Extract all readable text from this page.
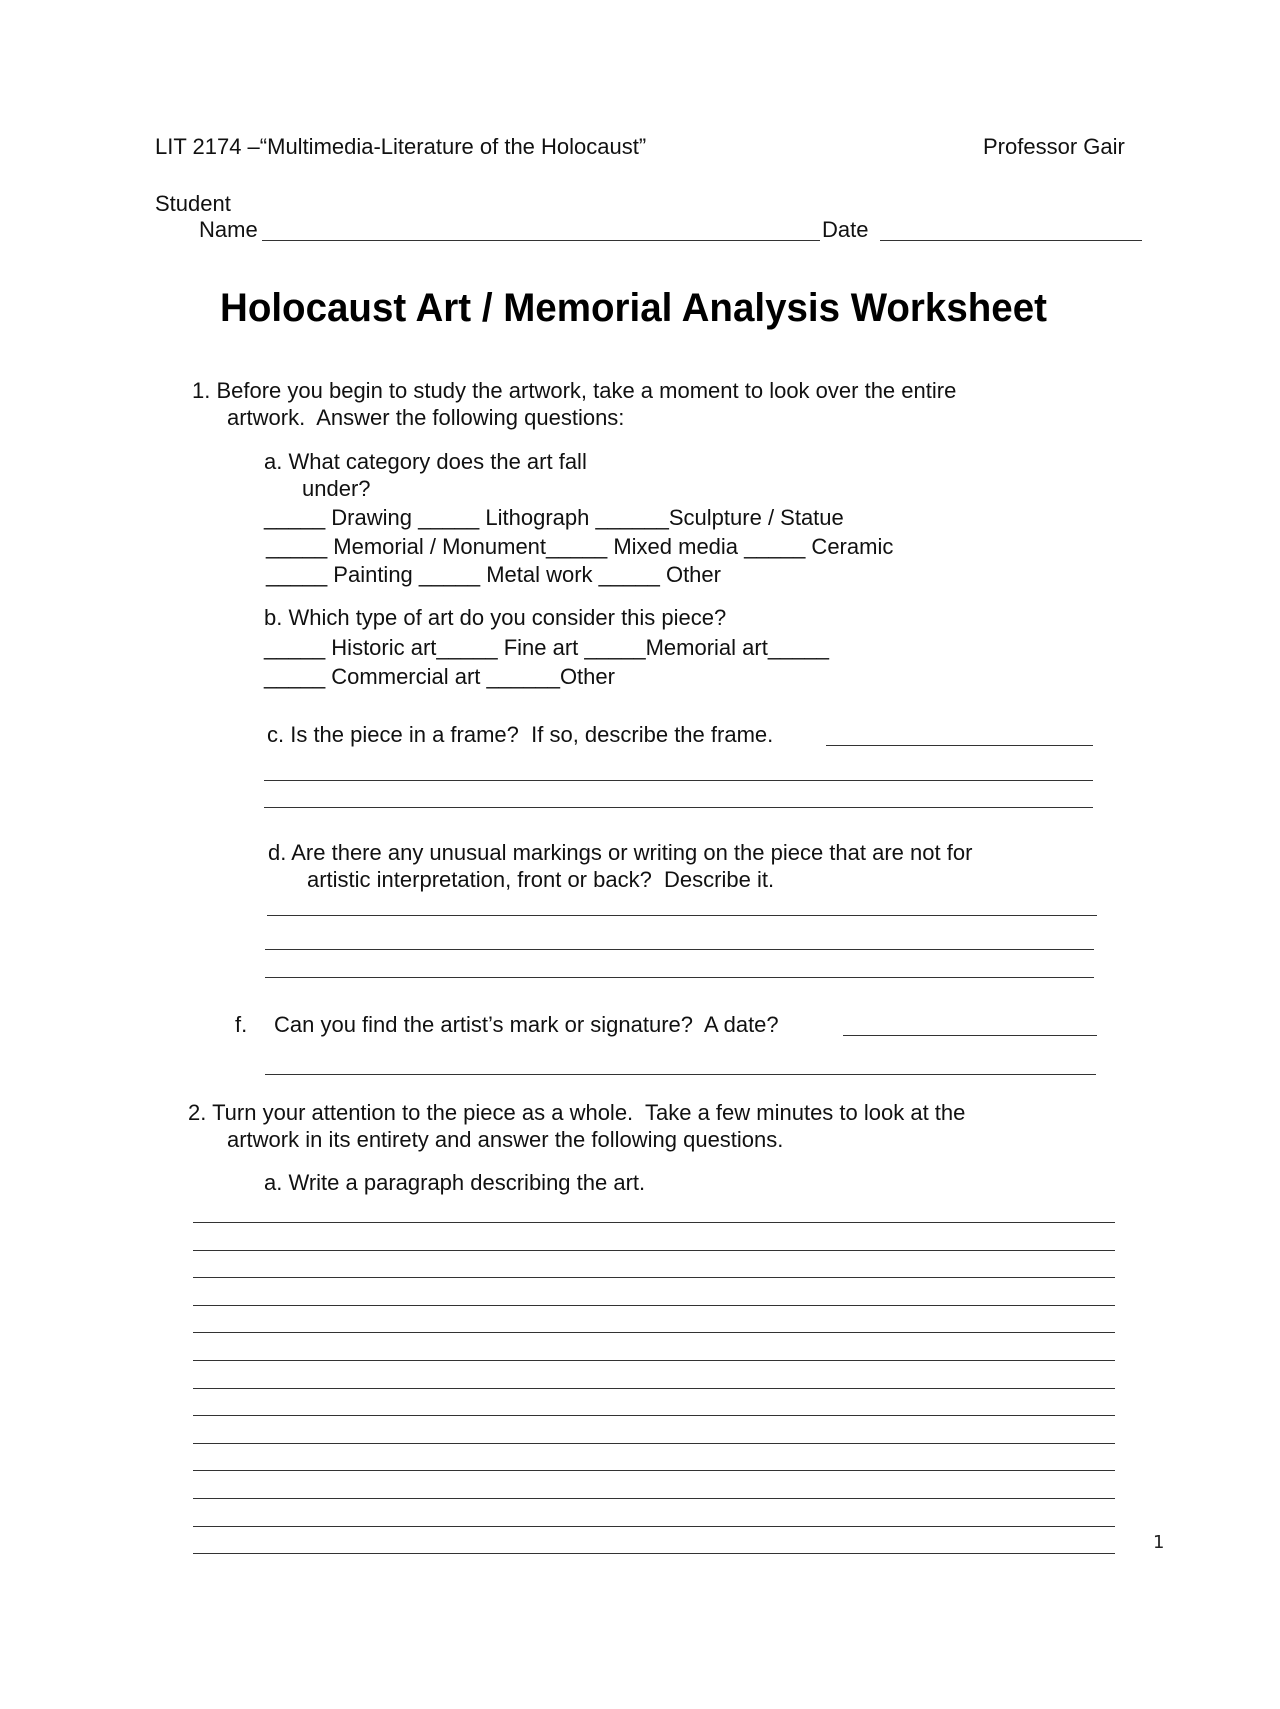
LIT 2174 –“Multimedia-Literature of the Holocaust”	Professor Gair
Student
Name	Date
Holocaust Art / Memorial Analysis Worksheet
1. Before you begin to study the artwork, take a moment to look over the entire
artwork.  Answer the following questions:
a. What category does the art fall
under?
_____ Drawing _____ Lithograph ______Sculpture / Statue
_____ Memorial / Monument_____ Mixed media _____ Ceramic
_____ Painting _____ Metal work _____ Other
b. Which type of art do you consider this piece?
_____ Historic art_____ Fine art _____Memorial art_____
_____ Commercial art ______Other
c. Is the piece in a frame?  If so, describe the frame.
d. Are there any unusual markings or writing on the piece that are not for
artistic interpretation, front or back?  Describe it.
f. Can you find the artist’s mark or signature?  A date?
2. Turn your attention to the piece as a whole.  Take a few minutes to look at the
artwork in its entirety and answer the following questions.
a. Write a paragraph describing the art.
1
